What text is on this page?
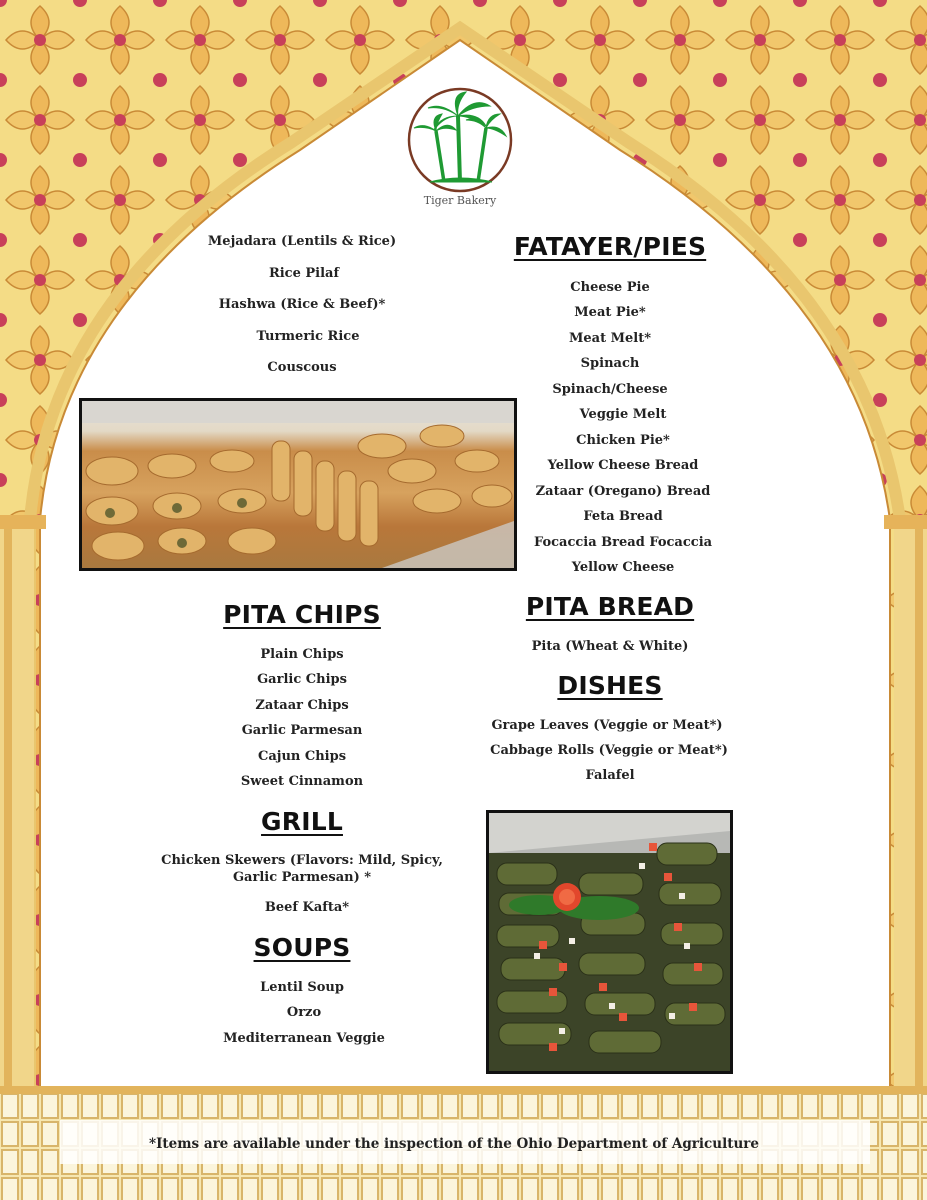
Tiger Bakery
Mejadara (Lentils & Rice)
Rice Pilaf
Hashwa (Rice & Beef)*
Turmeric Rice
Couscous
FATAYER/PIES
Cheese Pie
Meat Pie*
Meat Melt*
Spinach
Spinach/Cheese
Veggie Melt
Chicken Pie*
Yellow Cheese Bread
Zataar (Oregano) Bread
Feta Bread
Focaccia Bread Focaccia
Yellow Cheese
PITA CHIPS
Plain Chips
Garlic Chips
Zataar Chips
Garlic Parmesan
Cajun Chips
Sweet Cinnamon
PITA BREAD
Pita (Wheat & White)
DISHES
Grape Leaves (Veggie or Meat*)
Cabbage Rolls (Veggie or Meat*)
Falafel
GRILL
Chicken Skewers (Flavors: Mild, Spicy,
Garlic Parmesan) *
Beef Kafta*
SOUPS
Lentil Soup
Orzo
Mediterranean Veggie
*Items are available under the inspection of the Ohio Department of Agriculture
